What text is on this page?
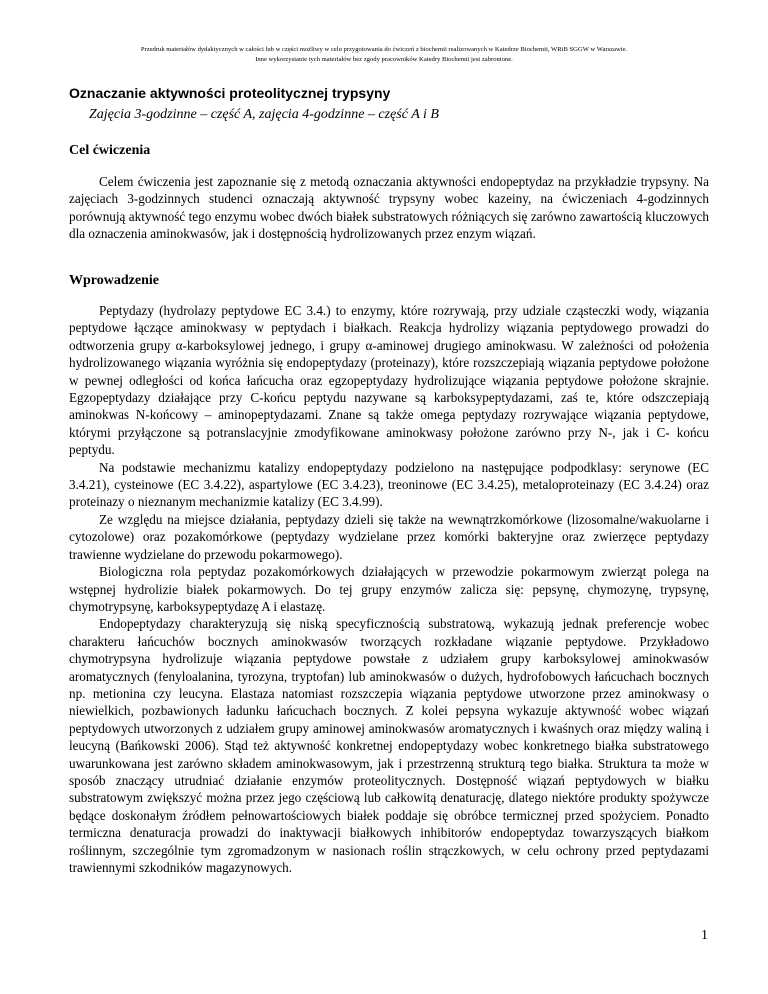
Przedruk materiałów dydaktycznych w całości lub w części możliwy w celu przygotowania do ćwiczeń z biochemii realizowanych w Katedrze Biochemii, WRiB SGGW w Warszawie.

Inne wykorzystanie tych materiałów bez zgody pracowników Katedry Biochemii jest zabronione.

Oznaczanie aktywności proteolitycznej trypsyny

Zajęcia 3-godzinne – część A, zajęcia 4-godzinne – część A i B

Cel ćwiczenia

Celem ćwiczenia jest zapoznanie się z metodą oznaczania aktywności endopeptydaz na przykładzie trypsyny. Na zajęciach 3-godzinnych studenci oznaczają aktywność trypsyny wobec kazeiny, na ćwiczeniach 4-godzinnych porównują aktywność tego enzymu wobec dwóch białek substratowych różniących się zarówno zawartością kluczowych dla oznaczenia aminokwasów, jak i dostępnością hydrolizowanych przez enzym wiązań.

Wprowadzenie

Peptydazy (hydrolazy peptydowe EC 3.4.) to enzymy, które rozrywają, przy udziale cząsteczki wody, wiązania peptydowe łączące aminokwasy w peptydach i białkach. Reakcja hydrolizy wiązania peptydowego prowadzi do odtworzenia grupy α-karboksylowej jednego, i grupy α-aminowej drugiego aminokwasu. W zależności od położenia hydrolizowanego wiązania wyróżnia się endopeptydazy (proteinazy), które rozszczepiają wiązania peptydowe położone w pewnej odległości od końca łańcucha oraz egzopeptydazy hydrolizujące wiązania peptydowe położone skrajnie. Egzopeptydazy działające przy C-końcu peptydu nazywane są karboksypeptydazami, zaś te, które odszczepiają aminokwas N-końcowy – aminopeptydazami. Znane są także omega peptydazy rozrywające wiązania peptydowe, którymi przyłączone są potranslacyjnie zmodyfikowane aminokwasy położone zarówno przy N-, jak i C- końcu peptydu.

Na podstawie mechanizmu katalizy endopeptydazy podzielono na następujące podpodklasy: serynowe (EC 3.4.21), cysteinowe (EC 3.4.22), aspartylowe (EC 3.4.23), treoninowe (EC 3.4.25), metaloproteinazy (EC 3.4.24) oraz proteinazy o nieznanym mechanizmie katalizy (EC 3.4.99).

Ze względu na miejsce działania, peptydazy dzieli się także na wewnątrzkomórkowe (lizosomalne/wakuolarne i cytozolowe) oraz pozakomórkowe (peptydazy wydzielane przez komórki bakteryjne oraz zwierzęce peptydazy trawienne wydzielane do przewodu pokarmowego).

Biologiczna rola peptydaz pozakomórkowych działających w przewodzie pokarmowym zwierząt polega na wstępnej hydrolizie białek pokarmowych. Do tej grupy enzymów zalicza się: pepsynę, chymozynę, trypsynę, chymotrypsynę, karboksypeptydazę A i elastazę.

Endopeptydazy charakteryzują się niską specyficznością substratową, wykazują jednak preferencje wobec charakteru łańcuchów bocznych aminokwasów tworzących rozkładane wiązanie peptydowe. Przykładowo chymotrypsyna hydrolizuje wiązania peptydowe powstałe z udziałem grupy karboksylowej aminokwasów aromatycznych (fenyloalanina, tyrozyna, tryptofan) lub aminokwasów o dużych, hydrofobowych łańcuchach bocznych np. metionina czy leucyna. Elastaza natomiast rozszczepia wiązania peptydowe utworzone przez aminokwasy o niewielkich, pozbawionych ładunku łańcuchach bocznych. Z kolei pepsyna wykazuje aktywność wobec wiązań peptydowych utworzonych z udziałem grupy aminowej aminokwasów aromatycznych i kwaśnych oraz między waliną i leucyną (Bańkowski 2006). Stąd też aktywność konkretnej endopeptydazy wobec konkretnego białka substratowego uwarunkowana jest zarówno składem aminokwasowym, jak i przestrzenną strukturą tego białka. Struktura ta może w sposób znaczący utrudniać działanie enzymów proteolitycznych. Dostępność wiązań peptydowych w białku substratowym zwiększyć można przez jego częściową lub całkowitą denaturację, dlatego niektóre produkty spożywcze będące doskonałym źródłem pełnowartościowych białek poddaje się obróbce termicznej przed spożyciem. Ponadto termiczna denaturacja prowadzi do inaktywacji białkowych inhibitorów endopeptydaz towarzyszących białkom roślinnym, szczególnie tym zgromadzonym w nasionach roślin strączkowych, w celu ochrony przed peptydazami trawiennymi szkodników magazynowych.

1
